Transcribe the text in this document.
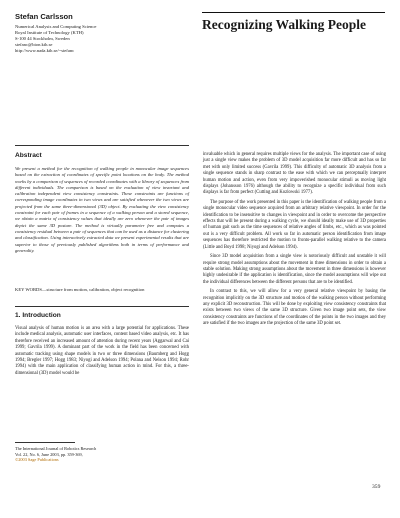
Stefan Carlsson
Numerical Analysis and Computing Science
Royal Institute of Technology (KTH)
S-100 44 Stockholm, Sweden
stefanc@bion.kth.se
http://www.nada.kth.se/~stefanc
Recognizing Walking People
Abstract
We present a method for the recognition of walking people in monocular image sequences based on the extraction of coordinates of specific point locations on the body. The method works by a comparison of sequences of recorded coordinates with a library of sequences from different individuals. The comparison is based on the evaluation of view invariant and calibration independent view consistency constraints. These constraints are functions of corresponding image coordinates in two views and are satisfied whenever the two views are projected from the same three-dimensional (3D) object. By evaluating the view consistency constraint for each pair of frames in a sequence of a walking person and a stored sequence, we obtain a matrix of consistency values that ideally are zero whenever the pair of images depict the same 3D posture. The method is virtually parameter free and computes a consistency residual between a pair of sequences that can be used as a distance for clustering and classification. Using interactively extracted data we present experimental results that are superior to those of previously published algorithms both in terms of performance and generality.
KEY WORDS—structure from motion, calibration, object recognition
1. Introduction

Visual analysis of human motion is an area with a large potential for applications. These include medical analysis, automatic user interfaces, content based video analysis, etc. It has therefore received an increased amount of attention during recent years (Aggarwal and Cai 1999; Gavrila 1999). A dominant part of the work in the field has been concerned with automatic tracking using shape models in two or three dimensions (Baumberg and Hogg 1994; Bregler 1997; Hogg 1983; Niyogi and Adelson 1994; Polana and Nelson 1994; Rohr 1994) with the main application of classifying human action in mind. For this, a three-dimensional (3D) model would be

The International Journal of Robotics Research
Vol. 22, No. 6, June 2003, pp. 359-369,
©2003 Sage Publications

invaluable which in general requires multiple views for the analysis. The important case of using just a single view makes the problem of 3D model acquisition far more difficult and has so far met with only limited success (Gavrila 1999). This difficulty of automatic 3D analysis from a single sequence stands in sharp contrast to the ease with which we can perceptually interpret human motion and action, even from very impoverished monocular stimuli as moving light displays (Johansson 1976) although the ability to recognize a specific individual from such displays is far from perfect (Cutting and Kozlowski 1977).

The purpose of the work presented in this paper is the identification of walking people from a single monocular video sequence acquired from an arbitrary relative viewpoint. In order for the identification to be insensitive to changes in viewpoint and in order to overcome the perspective effects that will be present during a walking cycle, we should ideally make use of 3D properties of human gait such as the time sequences of relative angles of limbs, etc., which as was pointed out is a very difficult problem. All work so far in automatic person identification from image sequences has therefore restricted the motion to fronto-parallel walking relative to the camera (Little and Boyd 1998; Niyogi and Adelson 1994).

Since 3D model acquisition from a single view is notoriously difficult and unstable it will require strong model assumptions about the movement in three dimensions in order to obtain a stable solution. Making strong assumptions about the movement in three dimensions is however highly undesirable if the application is identification, since the model assumptions will wipe out the individual differences between the different persons that are to be identified.

In contrast to this, we will allow for a very general relative viewpoint by basing the recognition implicitly on the 3D structure and motion of the walking person without performing any explicit 3D reconstruction. This will be done by exploiting view consistency constraints that exists between two views of the same 3D structure. Given two image point sets, the view consistency constraints are functions of the coordinates of the points in the two images and they are satisfied if the two images are the projection of the same 3D point set.

359
